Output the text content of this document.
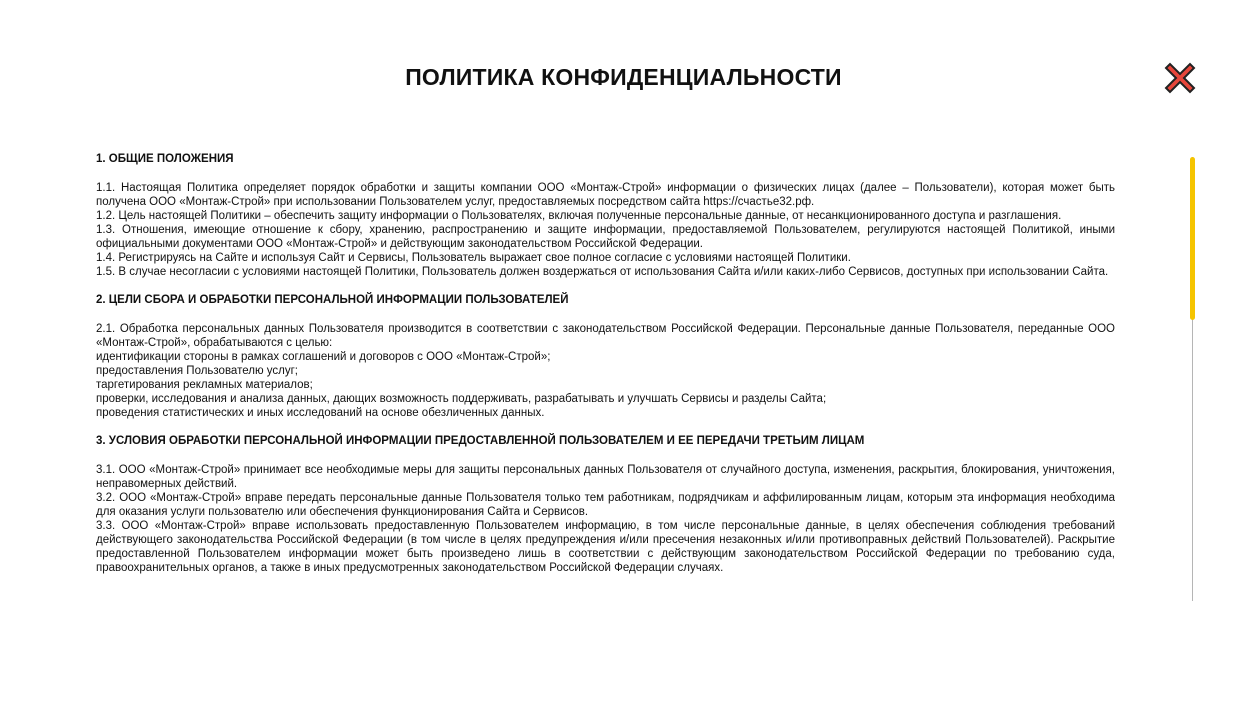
ПОЛИТИКА КОНФИДЕНЦИАЛЬНОСТИ
1. ОБЩИЕ ПОЛОЖЕНИЯ

1.1. Настоящая Политика определяет порядок обработки и защиты компании ООО «Монтаж-Строй» информации о физических лицах (далее – Пользователи), которая может быть получена ООО «Монтаж-Строй» при использовании Пользователем услуг, предоставляемых посредством сайта https://счастье32.рф.

1.2. Цель настоящей Политики – обеспечить защиту информации о Пользователях, включая полученные персональные данные, от несанкционированного доступа и разглашения.

1.3. Отношения, имеющие отношение к сбору, хранению, распространению и защите информации, предоставляемой Пользователем, регулируются настоящей Политикой, иными официальными документами ООО «Монтаж-Строй» и действующим законодательством Российской Федерации.

1.4. Регистрируясь на Сайте и используя Сайт и Сервисы, Пользователь выражает свое полное согласие с условиями настоящей Политики.

1.5. В случае несогласии с условиями настоящей Политики, Пользователь должен воздержаться от использования Сайта и/или каких-либо Сервисов, доступных при использовании Сайта.

2. ЦЕЛИ СБОРА И ОБРАБОТКИ ПЕРСОНАЛЬНОЙ ИНФОРМАЦИИ ПОЛЬЗОВАТЕЛЕЙ

2.1. Обработка персональных данных Пользователя производится в соответствии с законодательством Российской Федерации. Персональные данные Пользователя, переданные ООО «Монтаж-Строй», обрабатываются с целью:

идентификации стороны в рамках соглашений и договоров с ООО «Монтаж-Строй»;

предоставления Пользователю услуг;

таргетирования рекламных материалов;

проверки, исследования и анализа данных, дающих возможность поддерживать, разрабатывать и улучшать Сервисы и разделы Сайта;

проведения статистических и иных исследований на основе обезличенных данных.

3. УСЛОВИЯ ОБРАБОТКИ ПЕРСОНАЛЬНОЙ ИНФОРМАЦИИ ПРЕДОСТАВЛЕННОЙ ПОЛЬЗОВАТЕЛЕМ И ЕЕ ПЕРЕДАЧИ ТРЕТЬИМ ЛИЦАМ

3.1. ООО «Монтаж-Строй» принимает все необходимые меры для защиты персональных данных Пользователя от случайного доступа, изменения, раскрытия, блокирования, уничтожения, неправомерных действий.

3.2. ООО «Монтаж-Строй» вправе передать персональные данные Пользователя только тем работникам, подрядчикам и аффилированным лицам, которым эта информация необходима для оказания услуги пользователю или обеспечения функционирования Сайта и Сервисов.

3.3. ООО «Монтаж-Строй» вправе использовать предоставленную Пользователем информацию, в том числе персональные данные, в целях обеспечения соблюдения требований действующего законодательства Российской Федерации (в том числе в целях предупреждения и/или пресечения незаконных и/или противоправных действий Пользователей). Раскрытие предоставленной Пользователем информации может быть произведено лишь в соответствии с действующим законодательством Российской Федерации по требованию суда, правоохранительных органов, а также в иных предусмотренных законодательством Российской Федерации случаях.
